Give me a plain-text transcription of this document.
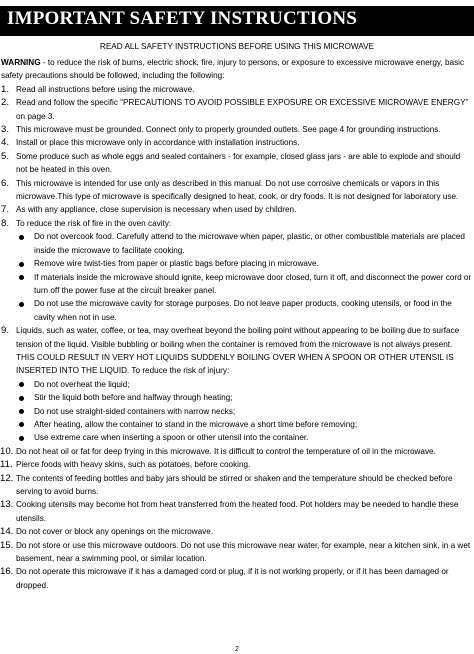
IMPORTANT SAFETY INSTRUCTIONS
READ ALL SAFETY INSTRUCTIONS BEFORE USING THIS MICROWAVE

WARNING - to reduce the risk of burns, electric shock, fire, injury to persons, or exposure to excessive microwave energy, basic safety precautions should be followed, including the following:

1. Read all instructions before using the microwave.
2. Read and follow the specific “PRECAUTIONS TO AVOID POSSIBLE EXPOSURE OR EXCESSIVE MICROWAVE ENERGY” on page 3.
3. This microwave must be grounded. Connect only to properly grounded outlets. See page 4 for grounding instructions.
4. Install or place this microwave only in accordance with installation instructions.
5. Some produce such as whole eggs and sealed containers - for example, closed glass jars - are able to explode and should not be heated in this oven.
6. This microwave is intended for use only as described in this manual. Do not use corrosive chemicals or vapors in this microwave.This type of microwave is specifically designed to heat, cook, or dry foods. It is not designed for laboratory use.
7. As with any appliance, close supervision is necessary when used by children.
8. To reduce the risk of fire in the oven cavity:
Do not overcook food. Carefully attend to the microwave when paper, plastic, or other combustible materials are placed inside the microwave to facilitate cooking.
Remove wire twist-ties from paper or plastic bags before placing in microwave.
If materials inside the microwave should ignite, keep microwave door closed, turn it off, and disconnect the power cord or turn off the power fuse at the circuit breaker panel.
Do not use the microwave cavity for storage purposes. Do not leave paper products, cooking utensils, or food in the cavity when not in use.
9. Liquids, such as water, coffee, or tea, may overheat beyond the boiling point without appearing to be boiling due to surface tension of the liquid. Visible bubbling or boiling when the container is removed from the microwave is not always present. THIS COULD RESULT IN VERY HOT LIQUIDS SUDDENLY BOILING OVER WHEN A SPOON OR OTHER UTENSIL IS INSERTED INTO THE LIQUID. To reduce the risk of injury:
Do not overheat the liquid;
Stir the liquid both before and halfway through heating;
Do not use straight-sided containers with narrow necks;
After heating, allow the container to stand in the microwave a short time before removing;
Use extreme care when inserting a spoon or other utensil into the container.
10. Do not heat oil or fat for deep frying in this microwave. It is difficult to control the temperature of oil in the microwave.
11. Pierce foods with heavy skins, such as potatoes, before cooking.
12. The contents of feeding bottles and baby jars should be stirred or shaken and the temperature should be checked before serving to avoid burns.
13. Cooking utensils may become hot from heat transferred from the heated food. Pot holders may be needed to handle these utensils.
14. Do not cover or block any openings on the microwave.
15. Do not store or use this microwave outdoors. Do not use this microwave near water, for example, near a kitchen sink, in a wet basement, near a swimming pool, or similar location.
16. Do not operate this microwave if it has a damaged cord or plug, if it is not working properly, or if it has been damaged or dropped.
2
